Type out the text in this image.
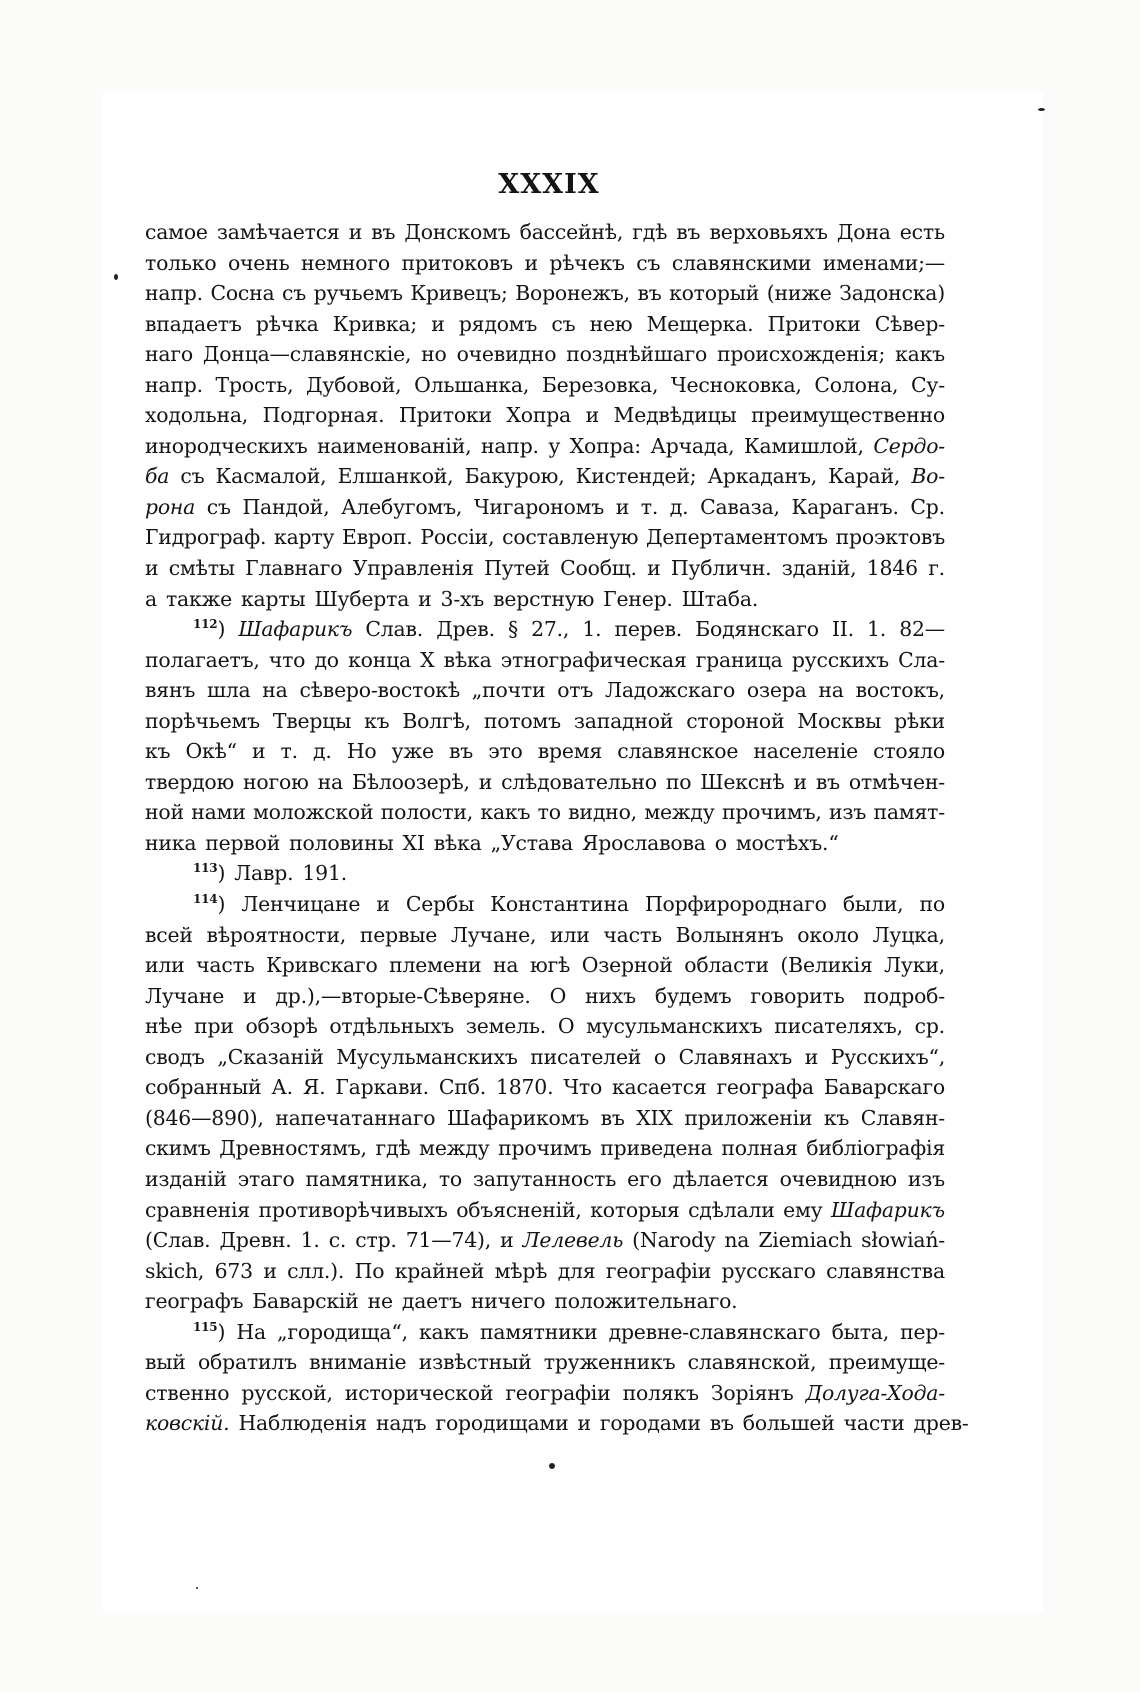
XXXIX
самое замѣчается и въ Донскомъ бассейнѣ, гдѣ въ верховьяхъ Дона есть
только очень немного притоковъ и рѣчекъ съ славянскими именами;—
напр. Сосна съ ручьемъ Кривецъ; Воронежъ, въ который (ниже Задонска)
впадаетъ рѣчка Кривка; и рядомъ съ нею Мещерка. Притоки Сѣвер-
наго Донца—славянскіе, но очевидно позднѣйшаго происхожденія; какъ
напр. Трость, Дубовой, Ольшанка, Березовка, Чесноковка, Солона, Су-
ходольна, Подгорная. Притоки Хопра и Медвѣдицы преимущественно
инородческихъ наименованій, напр. у Хопра: Арчада, Камишлой, Сердо-
ба съ Касмалой, Елшанкой, Бакурою, Кистендей; Аркаданъ, Карай, Во-
рона съ Пандой, Алебугомъ, Чигарономъ и т. д. Саваза, Караганъ. Ср.
Гидрограф. карту Европ. Россіи, составленую Депертаментомъ проэктовъ
и смѣты Главнаго Управленія Путей Сообщ. и Публичн. зданій, 1846 г.
а также карты Шуберта и 3-хъ верстную Генер. Штаба.
$^{112}$) Шафарикъ Слав. Древ. § 27., 1. перев. Бодянскаго II. 1. 82—
полагаетъ, что до конца X вѣка этнографическая граница русскихъ Сла-
вянъ шла на сѣверо-востокѣ „почти отъ Ладожскаго озера на востокъ,
порѣчьемъ Тверцы къ Волгѣ, потомъ западной стороной Москвы рѣки
къ Окѣ“ и т. д. Но уже въ это время славянское населеніе стояло
твердою ногою на Бѣлоозерѣ, и слѣдовательно по Шекснѣ и въ отмѣчен-
ной нами моложской полости, какъ то видно, между прочимъ, изъ памят-
ника первой половины XI вѣка „Устава Ярославова о мостѣхъ.“
$^{113}$) Лавр. 191.
$^{114}$) Ленчицане и Сербы Константина Порфиророднаго были, по
всей вѣроятности, первые Лучане, или часть Волынянъ около Луцка,
или часть Кривскаго племени на югѣ Озерной области (Великія Луки,
Лучане и др.),—вторые-Сѣверяне. О нихъ будемъ говорить подроб-
нѣе при обзорѣ отдѣльныхъ земель. О мусульманскихъ писателяхъ, ср.
сводъ „Сказаній Мусульманскихъ писателей о Славянахъ и Русскихъ“,
собранный А. Я. Гаркави. Спб. 1870. Что касается географа Баварскаго
(846—890), напечатаннаго Шафарикомъ въ XIX приложеніи къ Славян-
скимъ Древностямъ, гдѣ между прочимъ приведена полная библіографія
изданій этаго памятника, то запутанность его дѣлается очевидною изъ
сравненія противорѣчивыхъ объясненій, которыя сдѣлали ему Шафарикъ
(Слав. Древн. 1. с. стр. 71—74), и Лелевель (Narody na Ziemiach słowiań-
skich, 673 и слл.). По крайней мѣрѣ для географіи русскаго славянства
географъ Баварскій не даетъ ничего положительнаго.
$^{115}$) На „городища“, какъ памятники древне-славянскаго быта, пер-
вый обратилъ вниманіе извѣстный труженникъ славянской, преимуще-
ственно русской, исторической географіи полякъ Зоріянъ Долуга-Хода-
ковскій. Наблюденія надъ городищами и городами въ большей части древ-
